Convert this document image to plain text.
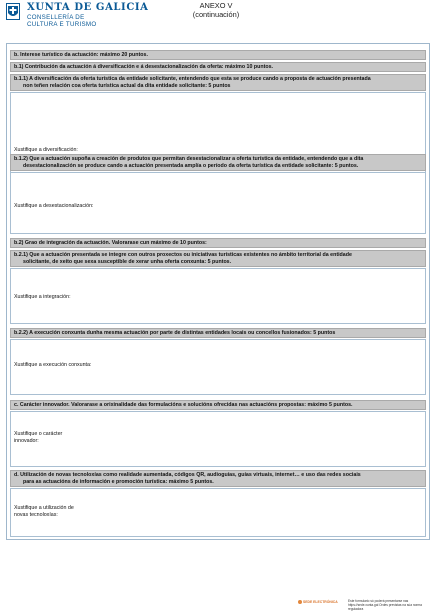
XUNTA DE GALICIA
CONSELLERÍA DE
CULTURA E TURISMO
ANEXO V
(continuación)
b. Interese turístico da actuación: máximo 20 puntos.
b.1) Contribución da actuación á diversificación e á desestacionalización da oferta: máximo 10 puntos.
b.1.1) A diversificación da oferta turística da entidade solicitante, entendendo que esta se produce cando a proposta de actuación presentada
non teñen relación coa oferta turística actual da dita entidade solicitante: 5 puntos

Xustifique a diversificación:

b.1.2) Que a actuación supoña a creación de produtos que permitan desestacionalizar a oferta turística da entidade, entendendo que a dita
desestacionalización se produce cando a actuación presentada amplía o período da oferta turística da entidade solicitante: 5 puntos.

Xustifique a desestacionalización:

b.2) Grao de integración da actuación. Valorarase cun máximo de 10 puntos:
b.2.1) Que a actuación presentada se integre con outros proxectos ou iniciativas turísticas existentes no ámbito territorial da entidade
solicitante, de xeito que sexa susceptible de xerar unha oferta conxunta: 5 puntos.

Xustifique a integración:

b.2.2) A execución conxunta dunha mesma actuación por parte de distintas entidades locais ou concellos fusionados: 5 puntos

Xustifique a execución conxunta:

c. Carácter innovador. Valorarase a orixinalidade das formulacións e solucións ofrecidas nas actuacións propostas: máximo 5 puntos.

Xustifique o carácter
innovador:

d. Utilización de novas tecnoloxías como realidade aumentada, códigos QR, audioguías, guías virtuais, internet… e uso das redes sociais
para as actuacións de información e promoción turística: máximo 5 puntos.

Xustifique a utilización de
novas tecnoloxías:

SEDE ELECTRÓNICA	Este formulario só poderá presentarse nas
https://sede.xunta.gal Ordes previstas na súa norma reguladora
